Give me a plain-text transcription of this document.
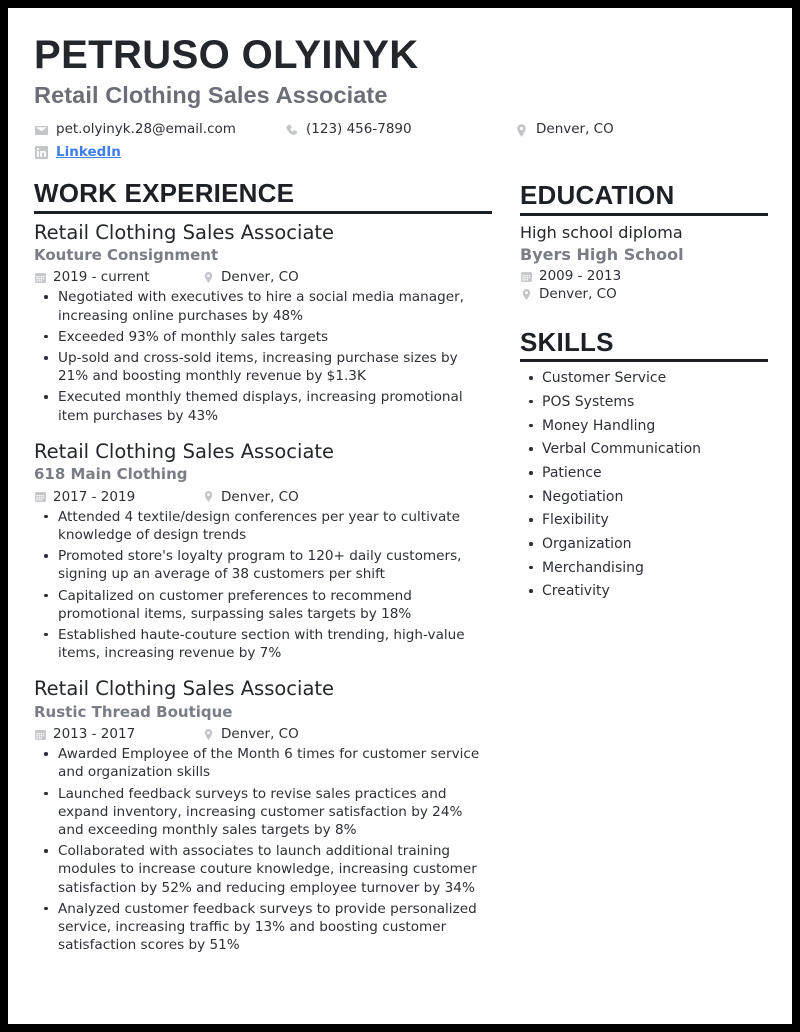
PETRUSO OLYINYK
Retail Clothing Sales Associate
pet.olyinyk.28@email.com	(123) 456-7890	Denver, CO
LinkedIn
WORK EXPERIENCE
Retail Clothing Sales Associate
Kouture Consignment
2019 - current	Denver, CO
Negotiated with executives to hire a social media manager, increasing online purchases by 48%
Exceeded 93% of monthly sales targets
Up-sold and cross-sold items, increasing purchase sizes by 21% and boosting monthly revenue by $1.3K
Executed monthly themed displays, increasing promotional item purchases by 43%
Retail Clothing Sales Associate
618 Main Clothing
2017 - 2019	Denver, CO
Attended 4 textile/design conferences per year to cultivate knowledge of design trends
Promoted store's loyalty program to 120+ daily customers, signing up an average of 38 customers per shift
Capitalized on customer preferences to recommend promotional items, surpassing sales targets by 18%
Established haute-couture section with trending, high-value items, increasing revenue by 7%
Retail Clothing Sales Associate
Rustic Thread Boutique
2013 - 2017	Denver, CO
Awarded Employee of the Month 6 times for customer service and organization skills
Launched feedback surveys to revise sales practices and expand inventory, increasing customer satisfaction by 24% and exceeding monthly sales targets by 8%
Collaborated with associates to launch additional training modules to increase couture knowledge, increasing customer satisfaction by 52% and reducing employee turnover by 34%
Analyzed customer feedback surveys to provide personalized service, increasing traffic by 13% and boosting customer satisfaction scores by 51%
EDUCATION
High school diploma
Byers High School
2009 - 2013
Denver, CO
SKILLS
Customer Service
POS Systems
Money Handling
Verbal Communication
Patience
Negotiation
Flexibility
Organization
Merchandising
Creativity
